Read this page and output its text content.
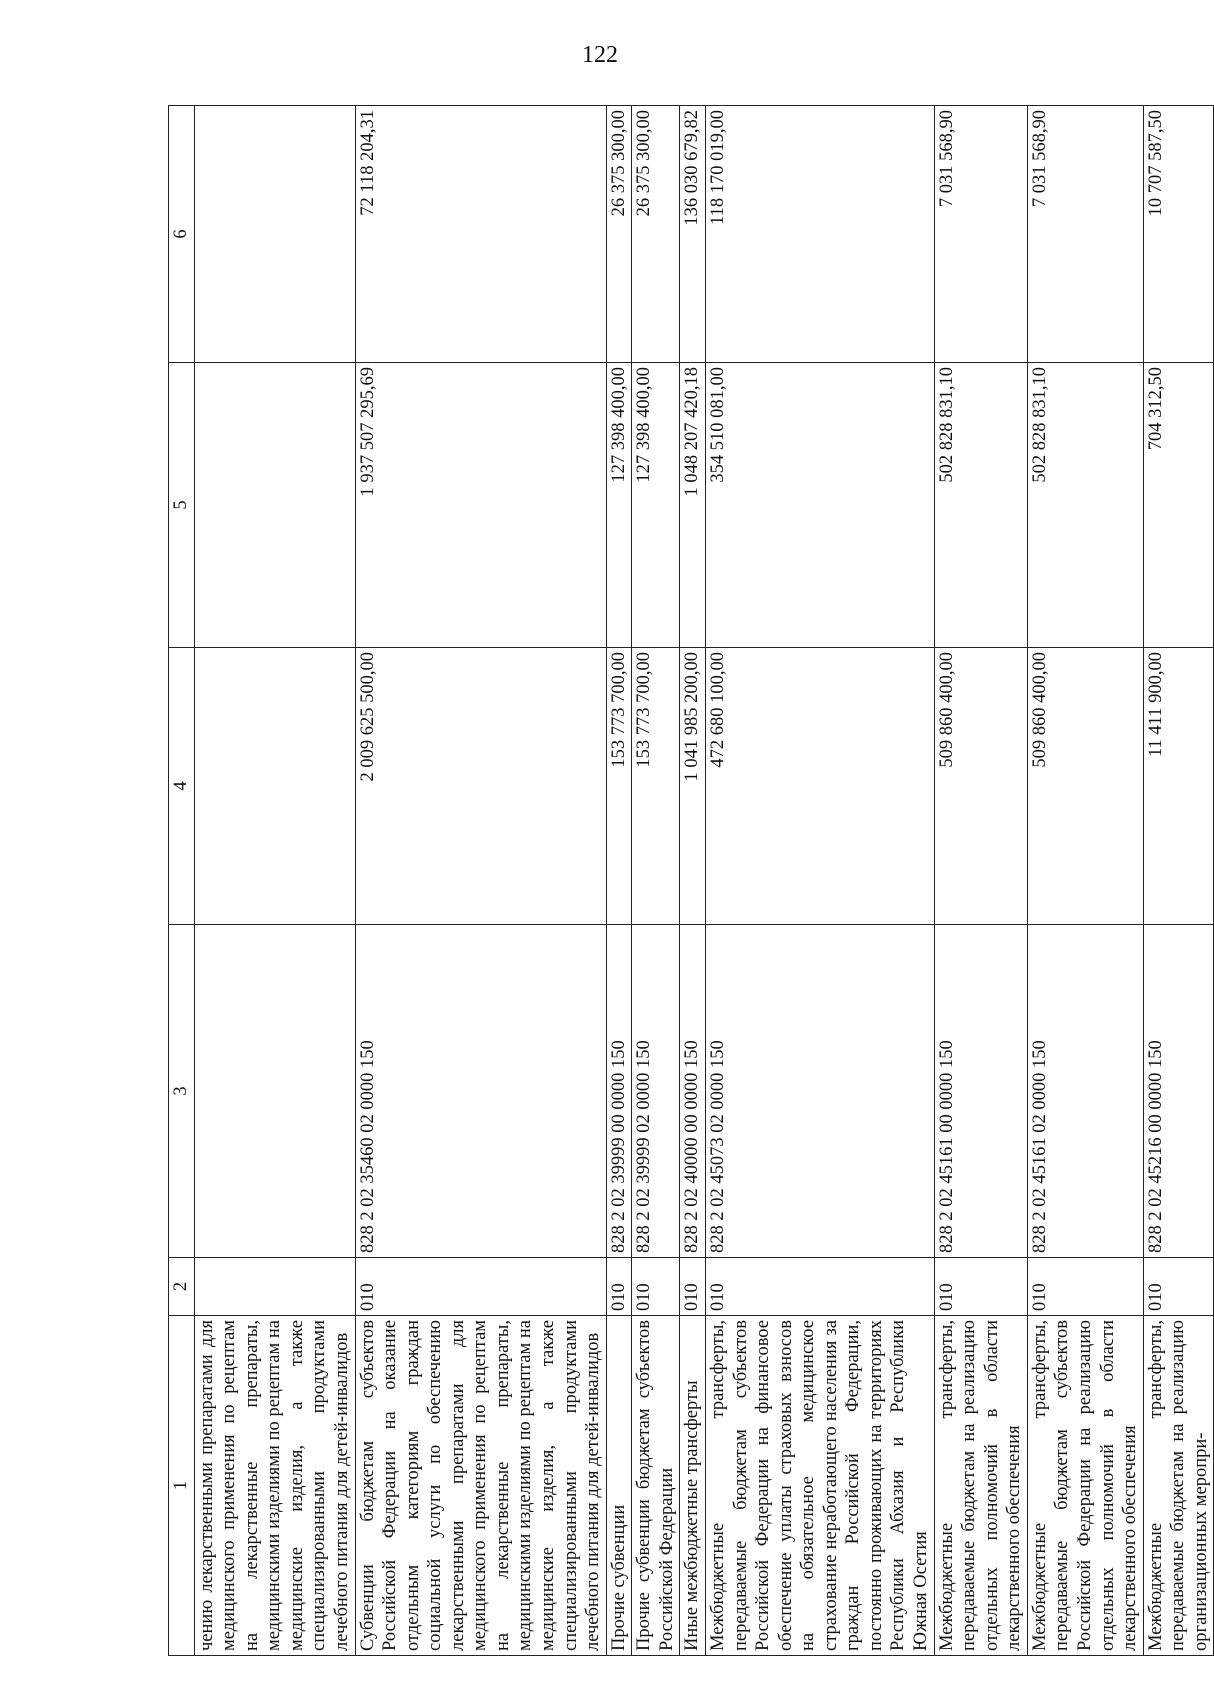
122
1	2	3	4	5	6
чению лекарственными препаратами для медицинского применения по рецептам на лекарственные препараты, медицинскими изделиями по рецептам на медицинские изделия, а также специализированными продуктами лечебного питания для детей-инвалидов					
Субвенции бюджетам субъектов Российской Федерации на оказание отдельным категориям граждан социальной услуги по обеспечению лекарственными препаратами для медицинского применения по рецептам на лекарственные препараты, медицинскими изделиями по рецептам на медицинские изделия, а также специализированными продуктами лечебного питания для детей-инвалидов	010	828 2 02 35460 02 0000 150	2 009 625 500,00	1 937 507 295,69	72 118 204,31
Прочие субвенции	010	828 2 02 39999 00 0000 150	153 773 700,00	127 398 400,00	26 375 300,00
Прочие субвенции бюджетам субъектов Российской Федерации	010	828 2 02 39999 02 0000 150	153 773 700,00	127 398 400,00	26 375 300,00
Иные межбюджетные трансферты	010	828 2 02 40000 00 0000 150	1 041 985 200,00	1 048 207 420,18	136 030 679,82
Межбюджетные трансферты, передаваемые бюджетам субъектов Российской Федерации на финансовое обеспечение уплаты страховых взносов на обязательное медицинское страхование неработающего населения за граждан Российской Федерации, постоянно проживающих на территориях Республики Абхазия и Республики Южная Осетия	010	828 2 02 45073 02 0000 150	472 680 100,00	354 510 081,00	118 170 019,00
Межбюджетные трансферты, передаваемые бюджетам на реализацию отдельных полномочий в области лекарственного обеспечения	010	828 2 02 45161 00 0000 150	509 860 400,00	502 828 831,10	7 031 568,90
Межбюджетные трансферты, передаваемые бюджетам субъектов Российской Федерации на реализацию отдельных полномочий в области лекарственного обеспечения	010	828 2 02 45161 02 0000 150	509 860 400,00	502 828 831,10	7 031 568,90
Межбюджетные трансферты, передаваемые бюджетам на реализацию организационных меропри-	010	828 2 02 45216 00 0000 150	11 411 900,00	704 312,50	10 707 587,50
